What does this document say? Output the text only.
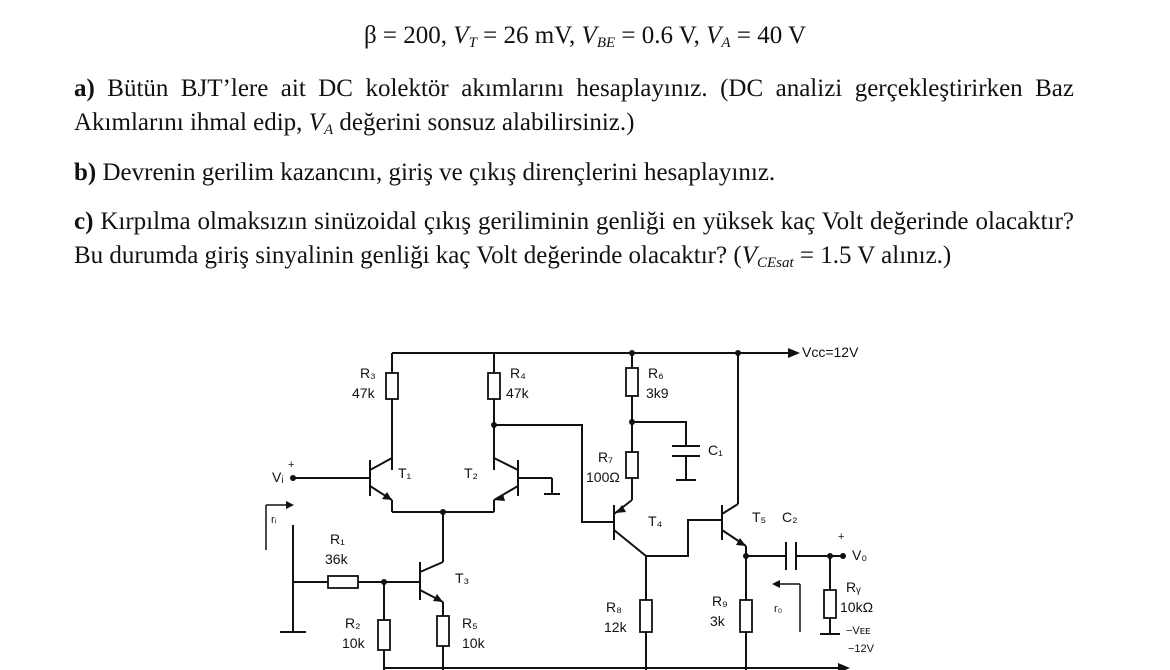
β = 200, $V_T = 26$ mV, $V_{BE} = 0.6$ V, $V_A = 40$ V
a) Bütün BJT’lere ait DC kolektör akımlarını hesaplayınız. (DC analizi gerçekleştirirken Baz Akımlarını ihmal edip, $V_A$ değerini sonsuz alabilirsiniz.)
b) Devrenin gerilim kazancını, giriş ve çıkış dirençlerini hesaplayınız.
c) Kırpılma olmaksızın sinüzoidal çıkış geriliminin genliği en yüksek kaç Volt değerinde olacaktır? Bu durumda giriş sinyalinin genliği kaç Volt değerinde olacaktır? ($V_{CEsat} = 1.5$ V alınız.)
Vcc=12V
R₃
47k
R₄
47k
T₁
Vᵢ
+
rᵢ
T₂
T₃
R₅
10k
R₁
36k
R₂
10k
R₆
3k9
C₁
R₇
100Ω
T₄
R₈
12k
T₅ C₂
R₉
3k
+
V₀
r₀
Rᵧ
10kΩ
−Vᴇᴇ
−12V
